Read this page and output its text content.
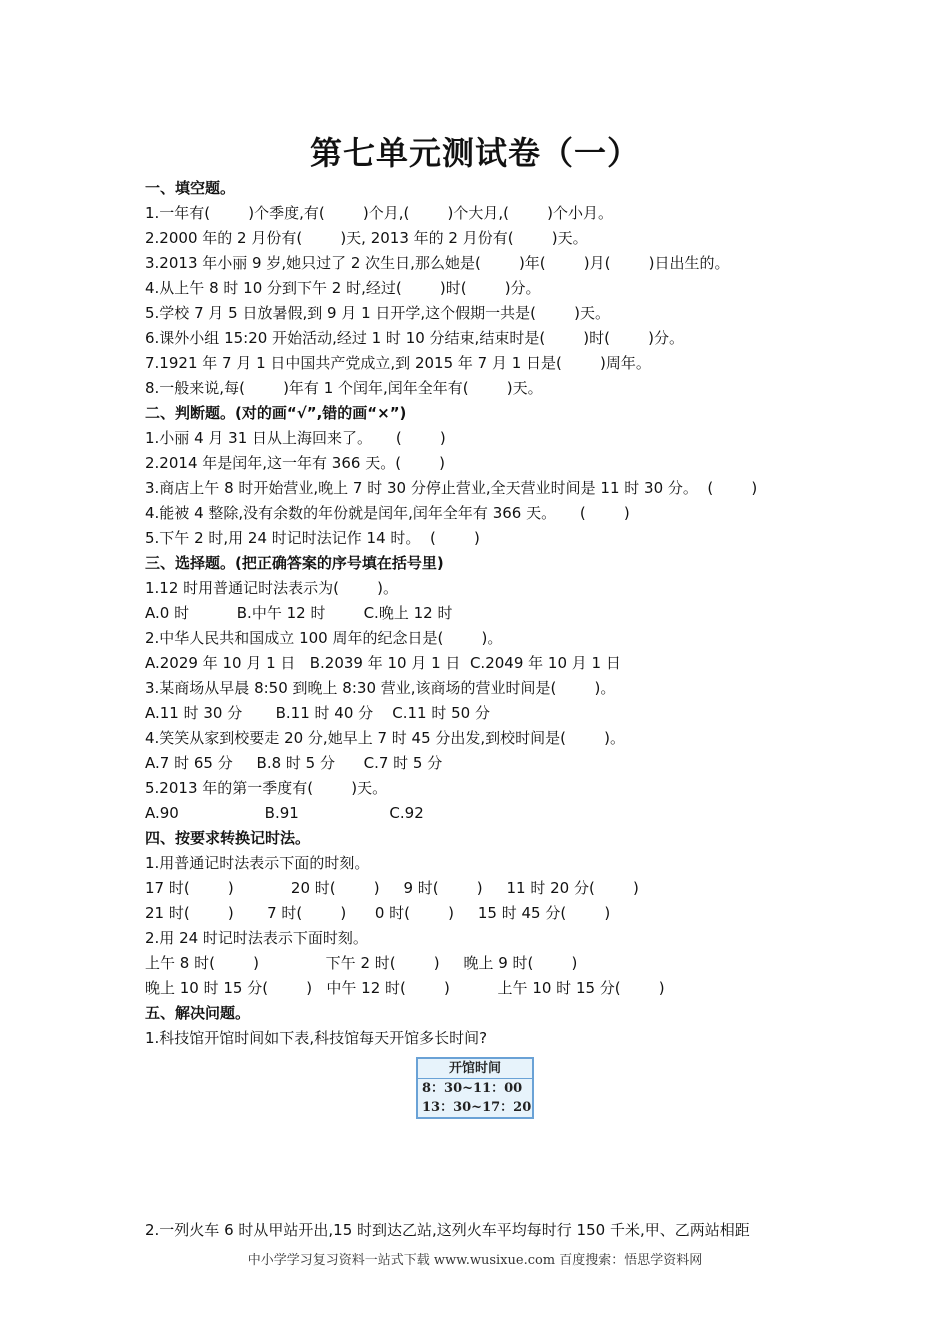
第七单元测试卷（一）
一、填空题。
1.一年有(        )个季度,有(        )个月,(        )个大月,(        )个小月。
2.2000 年的 2 月份有(        )天, 2013 年的 2 月份有(        )天。
3.2013 年小丽 9 岁,她只过了 2 次生日,那么她是(        )年(        )月(        )日出生的。
4.从上午 8 时 10 分到下午 2 时,经过(        )时(        )分。
5.学校 7 月 5 日放暑假,到 9 月 1 日开学,这个假期一共是(        )天。
6.课外小组 15:20 开始活动,经过 1 时 10 分结束,结束时是(        )时(        )分。
7.1921 年 7 月 1 日中国共产党成立,到 2015 年 7 月 1 日是(        )周年。
8.一般来说,每(        )年有 1 个闰年,闰年全年有(        )天。
二、判断题。(对的画“√”,错的画“×”)
1.小丽 4 月 31 日从上海回来了。     (        )
2.2014 年是闰年,这一年有 366 天。(        )
3.商店上午 8 时开始营业,晚上 7 时 30 分停止营业,全天营业时间是 11 时 30 分。  (        )
4.能被 4 整除,没有余数的年份就是闰年,闰年全年有 366 天。     (        )
5.下午 2 时,用 24 时记时法记作 14 时。  (        )
三、选择题。(把正确答案的序号填在括号里)
1.12 时用普通记时法表示为(        )。
A.0 时          B.中午 12 时        C.晚上 12 时
2.中华人民共和国成立 100 周年的纪念日是(        )。
A.2029 年 10 月 1 日   B.2039 年 10 月 1 日  C.2049 年 10 月 1 日
3.某商场从早晨 8:50 到晚上 8:30 营业,该商场的营业时间是(        )。
A.11 时 30 分       B.11 时 40 分    C.11 时 50 分
4.笑笑从家到校要走 20 分,她早上 7 时 45 分出发,到校时间是(        )。
A.7 时 65 分     B.8 时 5 分      C.7 时 5 分
5.2013 年的第一季度有(        )天。
A.90                  B.91                   C.92
四、按要求转换记时法。
1.用普通记时法表示下面的时刻。
17 时(        )            20 时(        )     9 时(        )     11 时 20 分(        )
21 时(        )       7 时(        )      0 时(        )     15 时 45 分(        )
2.用 24 时记时法表示下面时刻。
上午 8 时(        )              下午 2 时(        )     晚上 9 时(        )
晚上 10 时 15 分(        )   中午 12 时(        )          上午 10 时 15 分(        )
五、解决问题。
1.科技馆开馆时间如下表,科技馆每天开馆多长时间?
开馆时间
8：30~11：00
13：30~17：20
2.一列火车 6 时从甲站开出,15 时到达乙站,这列火车平均每时行 150 千米,甲、乙两站相距
中小学学习复习资料一站式下载 www.wusixue.com 百度搜索：悟思学资料网
